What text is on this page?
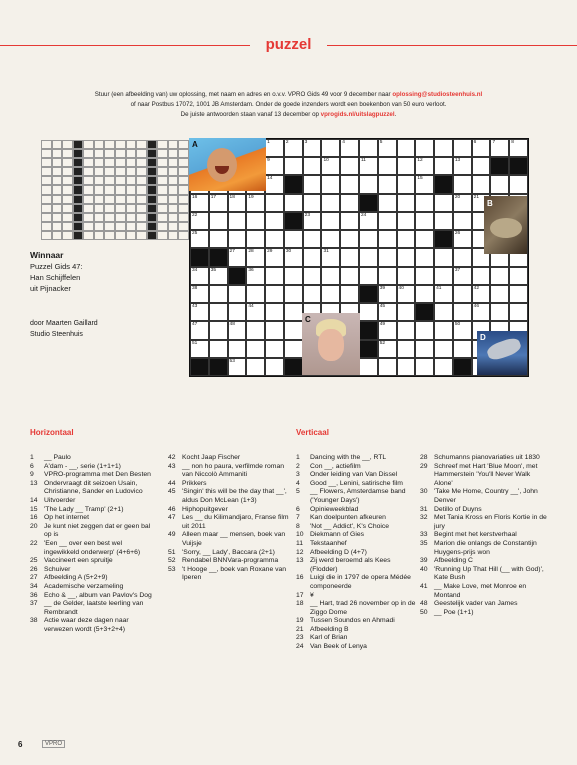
puzzel
Stuur (een afbeelding van) uw oplossing, met naam en adres en o.v.v. VPRO Gids 49 voor 9 december naar oplossing@studiosteenhuis.nl
of naar Postbus 17072, 1001 JB Amsterdam. Onder de goede inzenders wordt een boekenbon van 50 euro verloot.
De juiste antwoorden staan vanaf 13 december op vprogids.nl/uitslagpuzzel.
Winnaar
Puzzel Gids 47:
Han Schijffelen
uit Pijnacker
door Maarten Gaillard
Studio Steenhuis
1	2	3	4	5	6	7	8
9	10	11	12	13
14	15
16	17	18	19	20	21
22	23	24
25	26
27	28	29	30	31
34	35	36	37
38	39	40	41	42
43	44	45	46
47	48	49	50
51	52
53
A
B
C
D
Horizontaal	Verticaal
1	__ Paulo
6	A'dam - __, serie (1+1+1)
9	VPRO-programma met Den Besten
13 Ondervraagt dit seizoen Usain, Christianne, Sander en Ludovico
14 Uitvoerder
15 'The Lady __ Tramp' (2+1)
16 Op het internet
20 Je kunt niet zeggen dat er geen bal op is
22 'Een __ over een best wel ingewikkeld onderwerp' (4+6+6)
25 Vaccineert een spruitje
26 Schuiver
27 Afbeelding A (5+2+9)
34 Academische verzameling
36 Echo & __, album van Pavlov's Dog
37 __ de Gelder, laatste leerling van Rembrandt
38 Actie waar deze dagen naar verwezen wordt (5+3+2+4)
42 Kocht Jaap Fischer
43 __ non ho paura, verfilmde roman van Niccolò Ammaniti
44 Prikkers
45 'Singin' this will be the day that __', aldus Don McLean (1+3)
46 Hiphopuitgever
47 Les __ du Kilimandjaro, Franse film uit 2011
49 Alleen maar __ mensen, boek van Vuijsje
51 'Sorry, __ Lady', Baccara (2+1)
52 Rendabel BNNVara-programma
53 't Hooge __, boek van Roxane van Iperen
1	Dancing with the __, RTL
2	Con __, actiefilm
3	Onder leiding van Van Dissel
4	Good __, Lenini, satirische film
5	__ Flowers, Amsterdamse band ('Younger Days')
6	Opinieweekblad
7	Kan doelpunten afkeuren
8	'Not __ Addict', K's Choice
10 Diekmann of Gies
11	Tekstaanhef
12 Afbeelding D (4+7)
13 Zij werd beroemd als Kees (Flodder)
16 Luigi die in 1797 de opera Médée componeerde
17 ¥
18 __ Hart, trad 26 november op in de Ziggo Dome
19 Tussen Soundos en Ahmadi
21 Afbeelding B
23 Karl of Brian
24 Van Beek of Lenya
28 Schumanns pianovariaties uit 1830
29 Schreef met Hart 'Blue Moon', met Hammerstein 'You'll Never Walk Alone'
30 'Take Me Home, Country __', John Denver
31 Detillo of Duyns
32 Met Tania Kross en Floris Kortie in de jury
33 Begint met het kerstverhaal
35 Marion die onlangs de Constantijn Huygens-prijs won
39 Afbeelding C
40 'Running Up That Hill (__ with God)', Kate Bush
41 __ Make Love, met Monroe en Montand
48 Geestelijk vader van James
50 __ Poe (1+1)
6	VPRO
